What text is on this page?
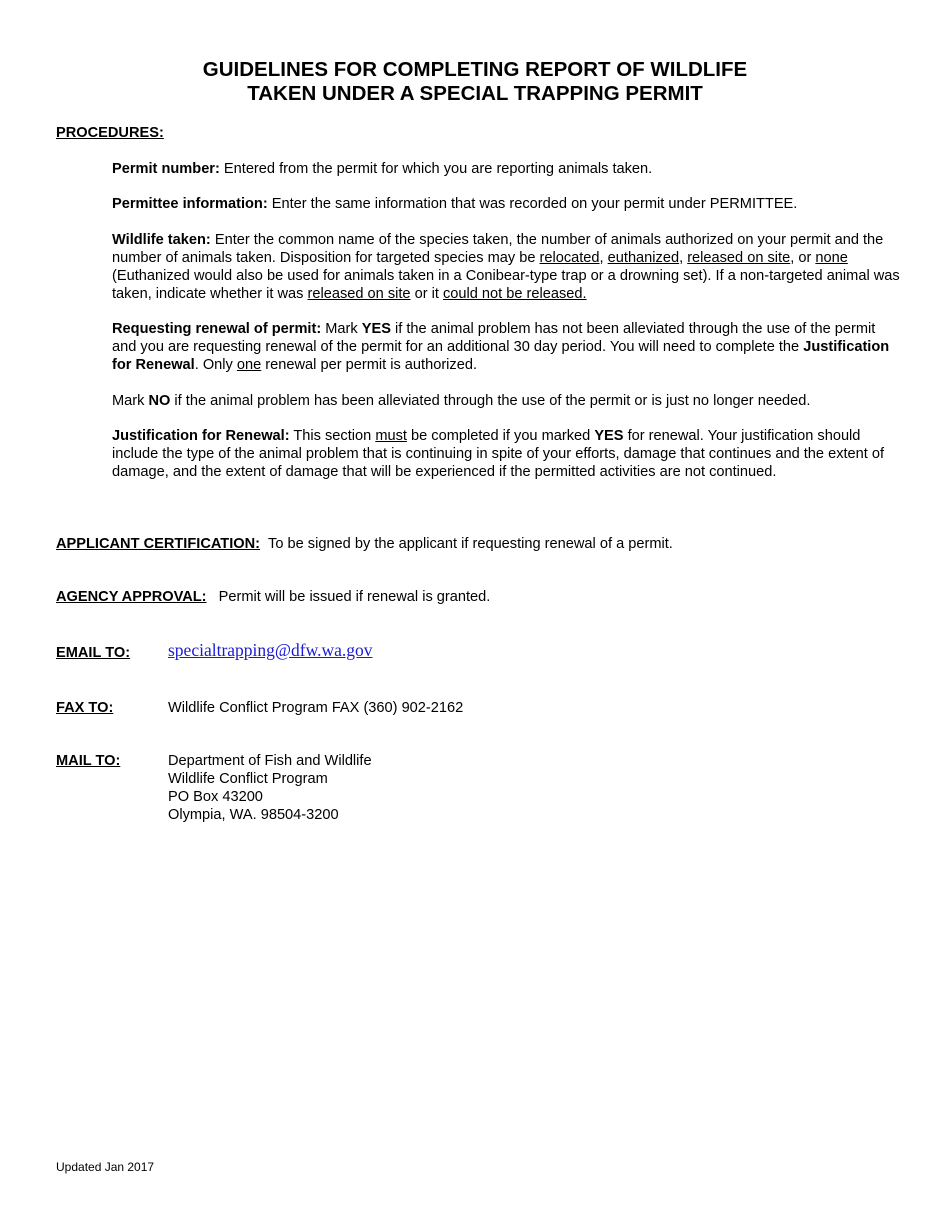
GUIDELINES FOR COMPLETING REPORT OF WILDLIFE
TAKEN UNDER A SPECIAL TRAPPING PERMIT
PROCEDURES:

Permit number: Entered from the permit for which you are reporting animals taken.

Permittee information: Enter the same information that was recorded on your permit under PERMITTEE.

Wildlife taken: Enter the common name of the species taken, the number of animals authorized on your permit and the number of animals taken. Disposition for targeted species may be relocated, euthanized, released on site, or none (Euthanized would also be used for animals taken in a Conibear-type trap or a drowning set). If a non-targeted animal was taken, indicate whether it was released on site or it could not be released.

Requesting renewal of permit: Mark YES if the animal problem has not been alleviated through the use of the permit and you are requesting renewal of the permit for an additional 30 day period. You will need to complete the Justification for Renewal. Only one renewal per permit is authorized.

Mark NO if the animal problem has been alleviated through the use of the permit or is just no longer needed.

Justification for Renewal: This section must be completed if you marked YES for renewal. Your justification should include the type of the animal problem that is continuing in spite of your efforts, damage that continues and the extent of damage, and the extent of damage that will be experienced if the permitted activities are not continued.

APPLICANT CERTIFICATION: To be signed by the applicant if requesting renewal of a permit.
AGENCY APPROVAL: Permit will be issued if renewal is granted.
EMAIL TO: specialtrapping@dfw.wa.gov
FAX TO:	Wildlife Conflict Program FAX (360) 902-2162
MAIL TO:	Department of Fish and Wildlife
Wildlife Conflict Program
PO Box 43200
Olympia, WA. 98504-3200
Updated Jan 2017
